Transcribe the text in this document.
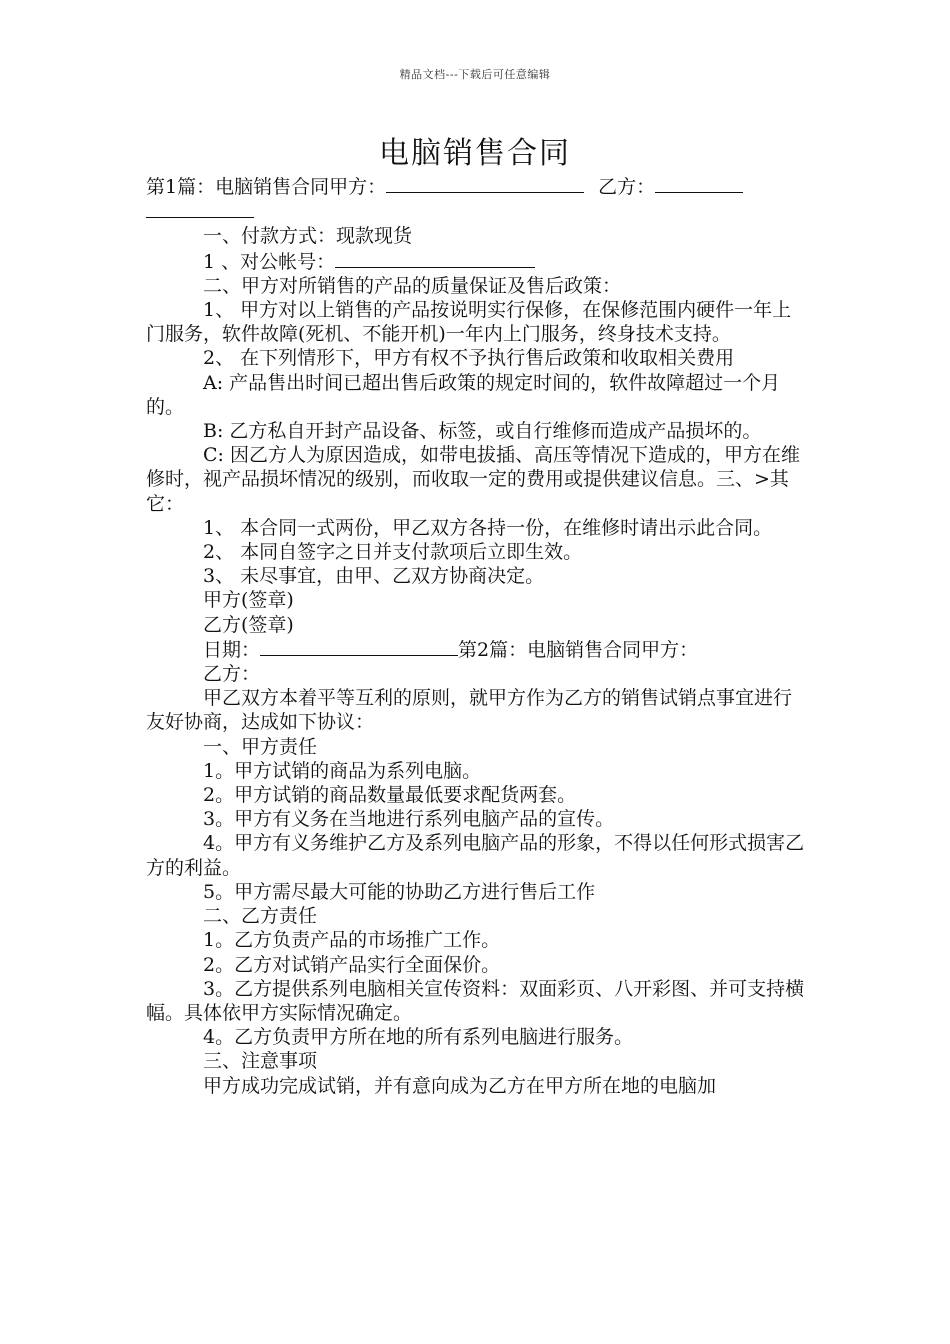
精品文档---下载后可任意编辑
电脑销售合同

第1篇：电脑销售合同甲方：	乙方：

一、付款方式：现款现货

1 、对公帐号：

二、甲方对所销售的产品的质量保证及售后政策：

1、 甲方对以上销售的产品按说明实行保修，在保修范围内硬件一年上门服务，软件故障(死机、不能开机)一年内上门服务，终身技术支持。

2、 在下列情形下，甲方有权不予执行售后政策和收取相关费用

A: 产品售出时间已超出售后政策的规定时间的，软件故障超过一个月的。

B: 乙方私自开封产品设备、标签，或自行维修而造成产品损坏的。

C: 因乙方人为原因造成，如带电拔插、高压等情况下造成的，甲方在维修时，视产品损坏情况的级别，而收取一定的费用或提供建议信息。三、>其它：

1、 本合同一式两份，甲乙双方各持一份，在维修时请出示此合同。

2、 本同自签字之日并支付款项后立即生效。

3、 未尽事宜，由甲、乙双方协商决定。

甲方(签章)

乙方(签章)

日期：	第2篇：电脑销售合同甲方：

乙方：

甲乙双方本着平等互利的原则，就甲方作为乙方的销售试销点事宜进行友好协商，达成如下协议：

一、甲方责任

1。甲方试销的商品为系列电脑。

2。甲方试销的商品数量最低要求配货两套。

3。甲方有义务在当地进行系列电脑产品的宣传。

4。甲方有义务维护乙方及系列电脑产品的形象，不得以任何形式损害乙方的利益。

5。甲方需尽最大可能的协助乙方进行售后工作

二、乙方责任

1。乙方负责产品的市场推广工作。

2。乙方对试销产品实行全面保价。

3。乙方提供系列电脑相关宣传资料：双面彩页、八开彩图、并可支持横幅。具体依甲方实际情况确定。

4。乙方负责甲方所在地的所有系列电脑进行服务。

三、注意事项

甲方成功完成试销，并有意向成为乙方在甲方所在地的电脑加
